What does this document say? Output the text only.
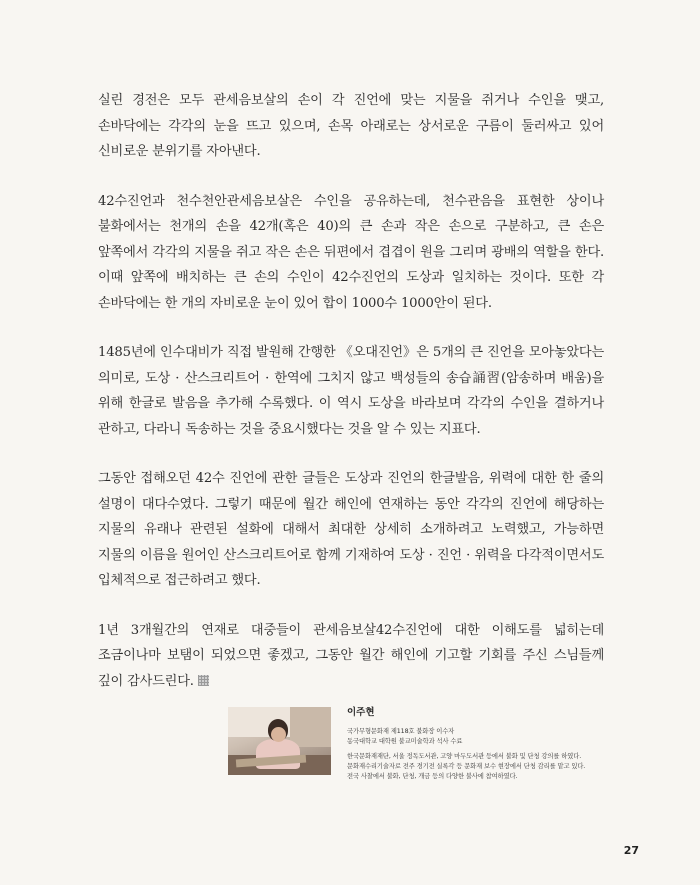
실린 경전은 모두 관세음보살의 손이 각 진언에 맞는 지물을 쥐거나 수인을 맺고, 손바닥에는 각각의 눈을 뜨고 있으며, 손목 아래로는 상서로운 구름이 둘러싸고 있어 신비로운 분위기를 자아낸다.

42수진언과 천수천안관세음보살은 수인을 공유하는데, 천수관음을 표현한 상이나 불화에서는 천개의 손을 42개(혹은 40)의 큰 손과 작은 손으로 구분하고, 큰 손은 앞쪽에서 각각의 지물을 쥐고 작은 손은 뒤편에서 겹겹이 원을 그리며 광배의 역할을 한다. 이때 앞쪽에 배치하는 큰 손의 수인이 42수진언의 도상과 일치하는 것이다. 또한 각 손바닥에는 한 개의 자비로운 눈이 있어 합이 1000수 1000안이 된다.

1485년에 인수대비가 직접 발원해 간행한 《오대진언》은 5개의 큰 진언을 모아놓았다는 의미로, 도상 · 산스크리트어 · 한역에 그치지 않고 백성들의 송습誦習(암송하며 배움)을 위해 한글로 발음을 추가해 수록했다. 이 역시 도상을 바라보며 각각의 수인을 결하거나 관하고, 다라니 독송하는 것을 중요시했다는 것을 알 수 있는 지표다.

그동안 접해오던 42수 진언에 관한 글들은 도상과 진언의 한글발음, 위력에 대한 한 줄의 설명이 대다수였다. 그렇기 때문에 월간 해인에 연재하는 동안 각각의 진언에 해당하는 지물의 유래나 관련된 설화에 대해서 최대한 상세히 소개하려고 노력했고, 가능하면 지물의 이름을 원어인 산스크리트어로 함께 기재하여 도상 · 진언 · 위력을 다각적이면서도 입체적으로 접근하려고 했다.

1년 3개월간의 연재로 대중들이 관세음보살42수진언에 대한 이해도를 넓히는데 조금이나마 보탬이 되었으면 좋겠고, 그동안 월간 해인에 기고할 기회를 주신 스님들께 깊이 감사드린다.

이주현

국가무형문화재 제118호 불화장 이수자

동국대학교 대학원 불교미술학과 석사 수료

한국문화재재단, 서울 정독도서관, 고양 마두도서관 등에서 불화 및 단청 강의를 하였다.

문화재수리기술자로 전주 경기전 실록각 등 문화재 보수 현장에서 단청 감리를 맡고 있다.

전국 사찰에서 불화, 단청, 개금 등의 다양한 불사에 참여하였다.

27
